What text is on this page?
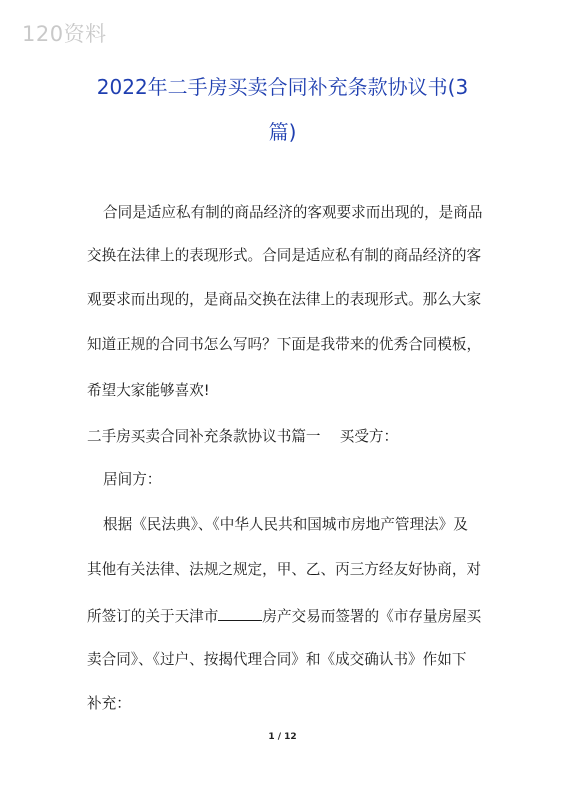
120资料
2022年二手房买卖合同补充条款协议书(3
篇)
合同是适应私有制的商品经济的客观要求而出现的，是商品
交换在法律上的表现形式。合同是适应私有制的商品经济的客
观要求而出现的，是商品交换在法律上的表现形式。那么大家
知道正规的合同书怎么写吗？下面是我带来的优秀合同模板，
希望大家能够喜欢!
二手房买卖合同补充条款协议书篇一　 买受方：
居间方：
根据《民法典》、《中华人民共和国城市房地产管理法》及
其他有关法律、法规之规定，甲、乙、丙三方经友好协商，对
所签订的关于天津市	房产交易而签署的《市存量房屋买
卖合同》、《过户、按揭代理合同》和《成交确认书》作如下
补充：
1 / 12
